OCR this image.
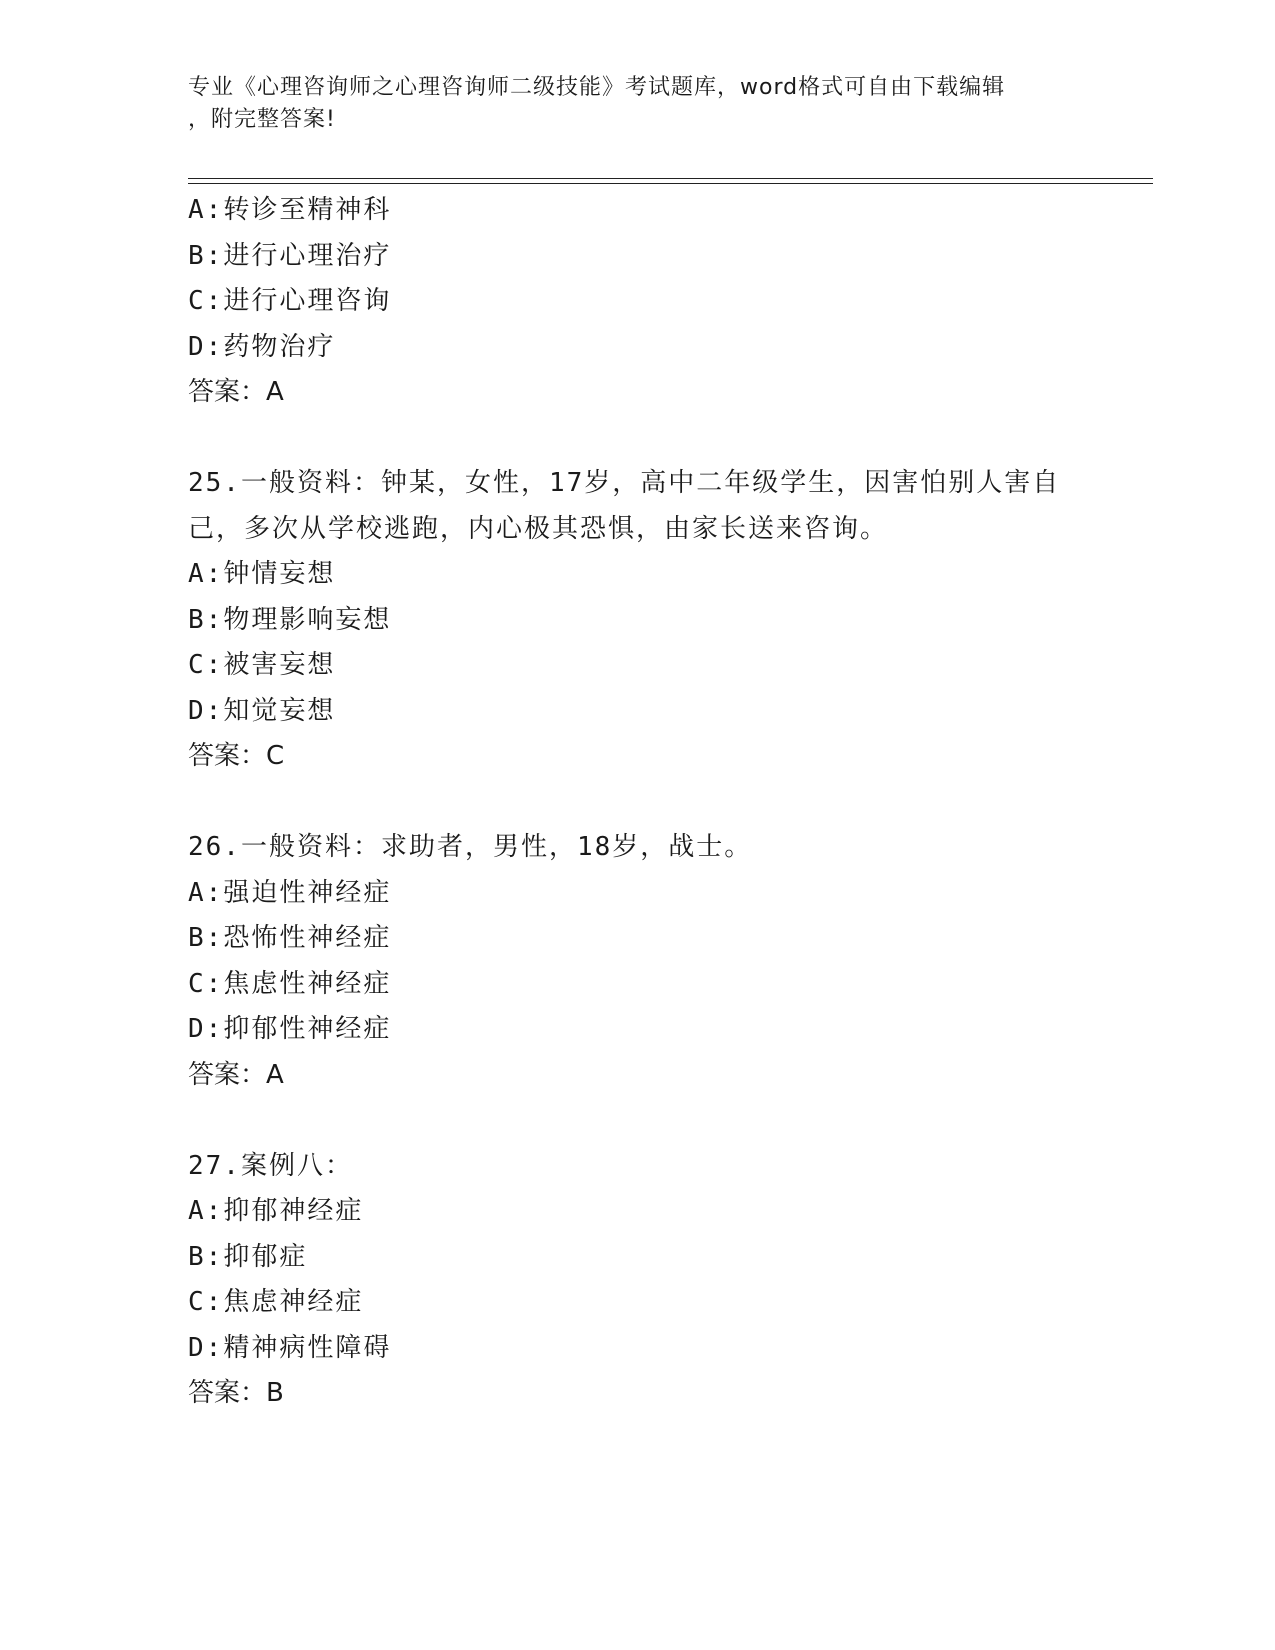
专业《心理咨询师之心理咨询师二级技能》考试题库，word格式可自由下载编辑
，附完整答案!
A:转诊至精神科
B:进行心理治疗
C:进行心理咨询
D:药物治疗
答案：A
25.一般资料：钟某，女性，17岁，高中二年级学生，因害怕别人害自
己，多次从学校逃跑，内心极其恐惧，由家长送来咨询。
A:钟情妄想
B:物理影响妄想
C:被害妄想
D:知觉妄想
答案：C
26.一般资料：求助者，男性，18岁，战士。
A:强迫性神经症
B:恐怖性神经症
C:焦虑性神经症
D:抑郁性神经症
答案：A
27.案例八：
A:抑郁神经症
B:抑郁症
C:焦虑神经症
D:精神病性障碍
答案：B
